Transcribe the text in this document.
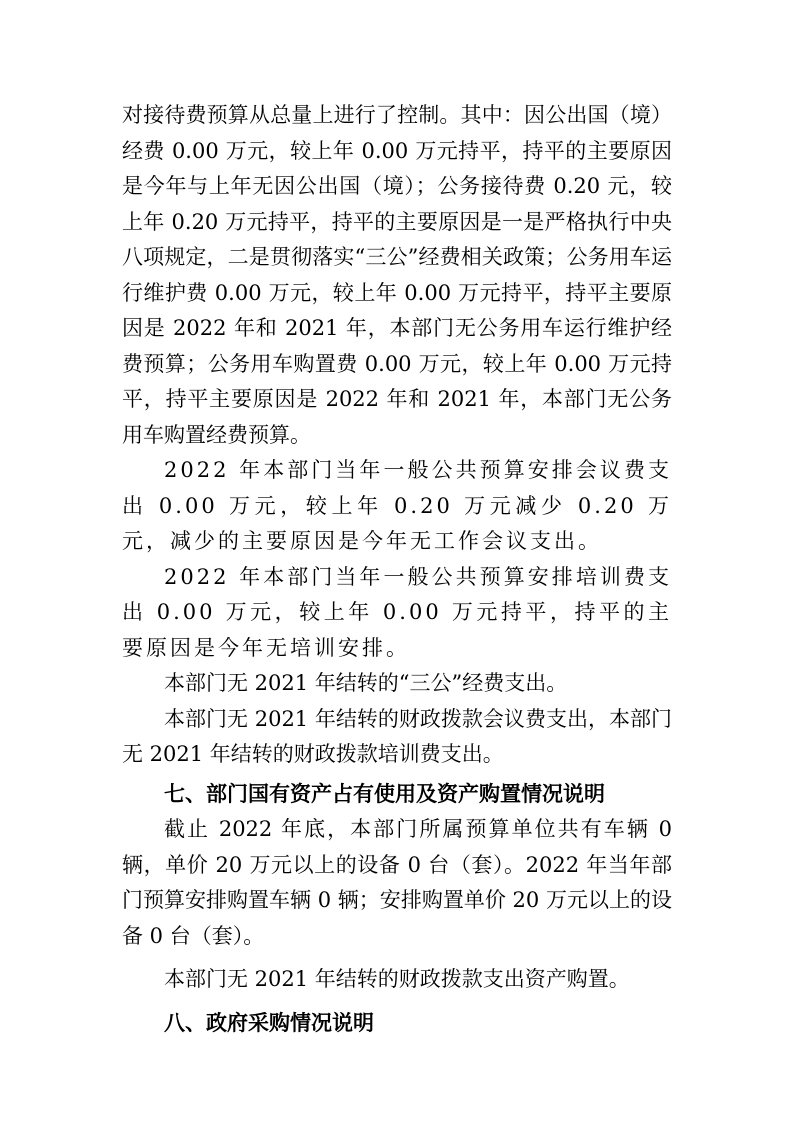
对接待费预算从总量上进行了控制。其中：因公出国（境）经费 0.00 万元，较上年 0.00 万元持平，持平的主要原因是今年与上年无因公出国（境）；公务接待费 0.20 元，较上年 0.20 万元持平，持平的主要原因是一是严格执行中央八项规定，二是贯彻落实“三公”经费相关政策；公务用车运行维护费 0.00 万元，较上年 0.00 万元持平，持平主要原因是 2022 年和 2021 年，本部门无公务用车运行维护经费预算；公务用车购置费 0.00 万元，较上年 0.00 万元持平，持平主要原因是 2022 年和 2021 年，本部门无公务用车购置经费预算。

2022 年本部门当年一般公共预算安排会议费支出 0.00 万元，较上年 0.20 万元减少 0.20 万元，减少的主要原因是今年无工作会议支出。

2022 年本部门当年一般公共预算安排培训费支出 0.00 万元，较上年 0.00 万元持平，持平的主要原因是今年无培训安排。

本部门无 2021 年结转的“三公”经费支出。

本部门无 2021 年结转的财政拨款会议费支出，本部门无 2021 年结转的财政拨款培训费支出。

七、部门国有资产占有使用及资产购置情况说明

截止 2022 年底，本部门所属预算单位共有车辆 0 辆，单价 20 万元以上的设备 0 台（套）。2022 年当年部门预算安排购置车辆 0 辆；安排购置单价 20 万元以上的设备 0 台（套）。

本部门无 2021 年结转的财政拨款支出资产购置。

八、政府采购情况说明
